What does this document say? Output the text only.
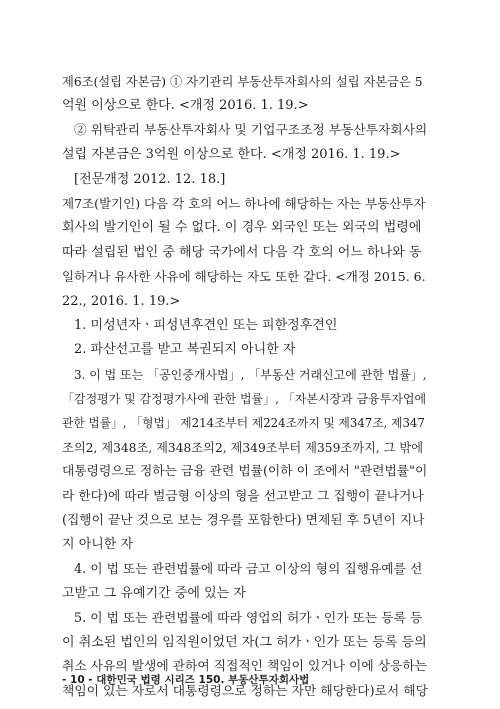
제6조(설립 자본금) ① 자기관리 부동산투자회사의 설립 자본금은 5
억원 이상으로 한다. <개정 2016. 1. 19.>
② 위탁관리 부동산투자회사 및 기업구조조정 부동산투자회사의
설립 자본금은 3억원 이상으로 한다. <개정 2016. 1. 19.>
[전문개정 2012. 12. 18.]
제7조(발기인) 다음 각 호의 어느 하나에 해당하는 자는 부동산투자
회사의 발기인이 될 수 없다. 이 경우 외국인 또는 외국의 법령에
따라 설립된 법인 중 해당 국가에서 다음 각 호의 어느 하나와 동
일하거나 유사한 사유에 해당하는 자도 또한 같다. <개정 2015. 6.
22., 2016. 1. 19.>
1. 미성년자ㆍ피성년후견인 또는 피한정후견인
2. 파산선고를 받고 복권되지 아니한 자
3. 이 법 또는 「공인중개사법」, 「부동산 거래신고에 관한 법률」,
「감정평가 및 감정평가사에 관한 법률」, 「자본시장과 금융투자업에
관한 법률」, 「형법」 제214조부터 제224조까지 및 제347조, 제347
조의2, 제348조, 제348조의2, 제349조부터 제359조까지, 그 밖에
대통령령으로 정하는 금융 관련 법률(이하 이 조에서 "관련법률"이
라 한다)에 따라 벌금형 이상의 형을 선고받고 그 집행이 끝나거나
(집행이 끝난 것으로 보는 경우를 포함한다) 면제된 후 5년이 지나
지 아니한 자
4. 이 법 또는 관련법률에 따라 금고 이상의 형의 집행유예를 선
고받고 그 유예기간 중에 있는 자
5. 이 법 또는 관련법률에 따라 영업의 허가ㆍ인가 또는 등록 등
이 취소된 법인의 임직원이었던 자(그 허가ㆍ인가 또는 등록 등의
취소 사유의 발생에 관하여 직접적인 책임이 있거나 이에 상응하는
책임이 있는 자로서 대통령령으로 정하는 자만 해당한다)로서 해당
- 10 - 대한민국 법령 시리즈 150. 부동산투자회사법
